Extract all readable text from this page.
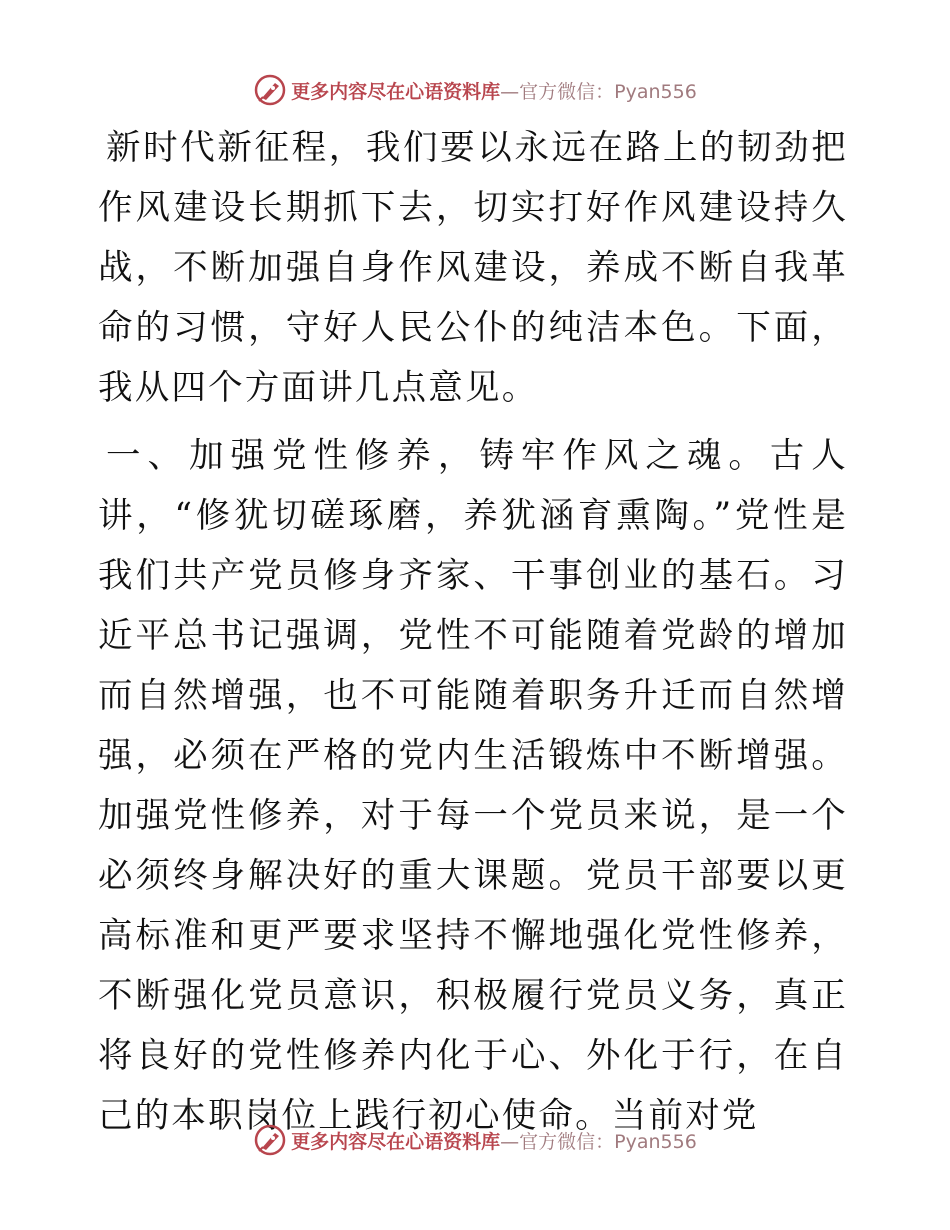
更多内容尽在心语资料库 —官方微信：Pyan556

新时代新征程，我们要以永远在路上的韧劲把作风建设长期抓下去，切实打好作风建设持久战，不断加强自身作风建设，养成不断自我革命的习惯，守好人民公仆的纯洁本色。下面，我从四个方面讲几点意见。

一、加强党性修养，铸牢作风之魂。古人讲，“修犹切磋琢磨，养犹涵育熏陶。”党性是我们共产党员修身齐家、干事创业的基石。习近平总书记强调，党性不可能随着党龄的增加而自然增强，也不可能随着职务升迁而自然增强，必须在严格的党内生活锻炼中不断增强。加强党性修养，对于每一个党员来说，是一个必须终身解决好的重大课题。党员干部要以更高标准和更严要求坚持不懈地强化党性修养，不断强化党员意识，积极履行党员义务，真正将良好的党性修养内化于心、外化于行，在自己的本职岗位上践行初心使命。当前对党

更多内容尽在心语资料库 —官方微信：Pyan556
